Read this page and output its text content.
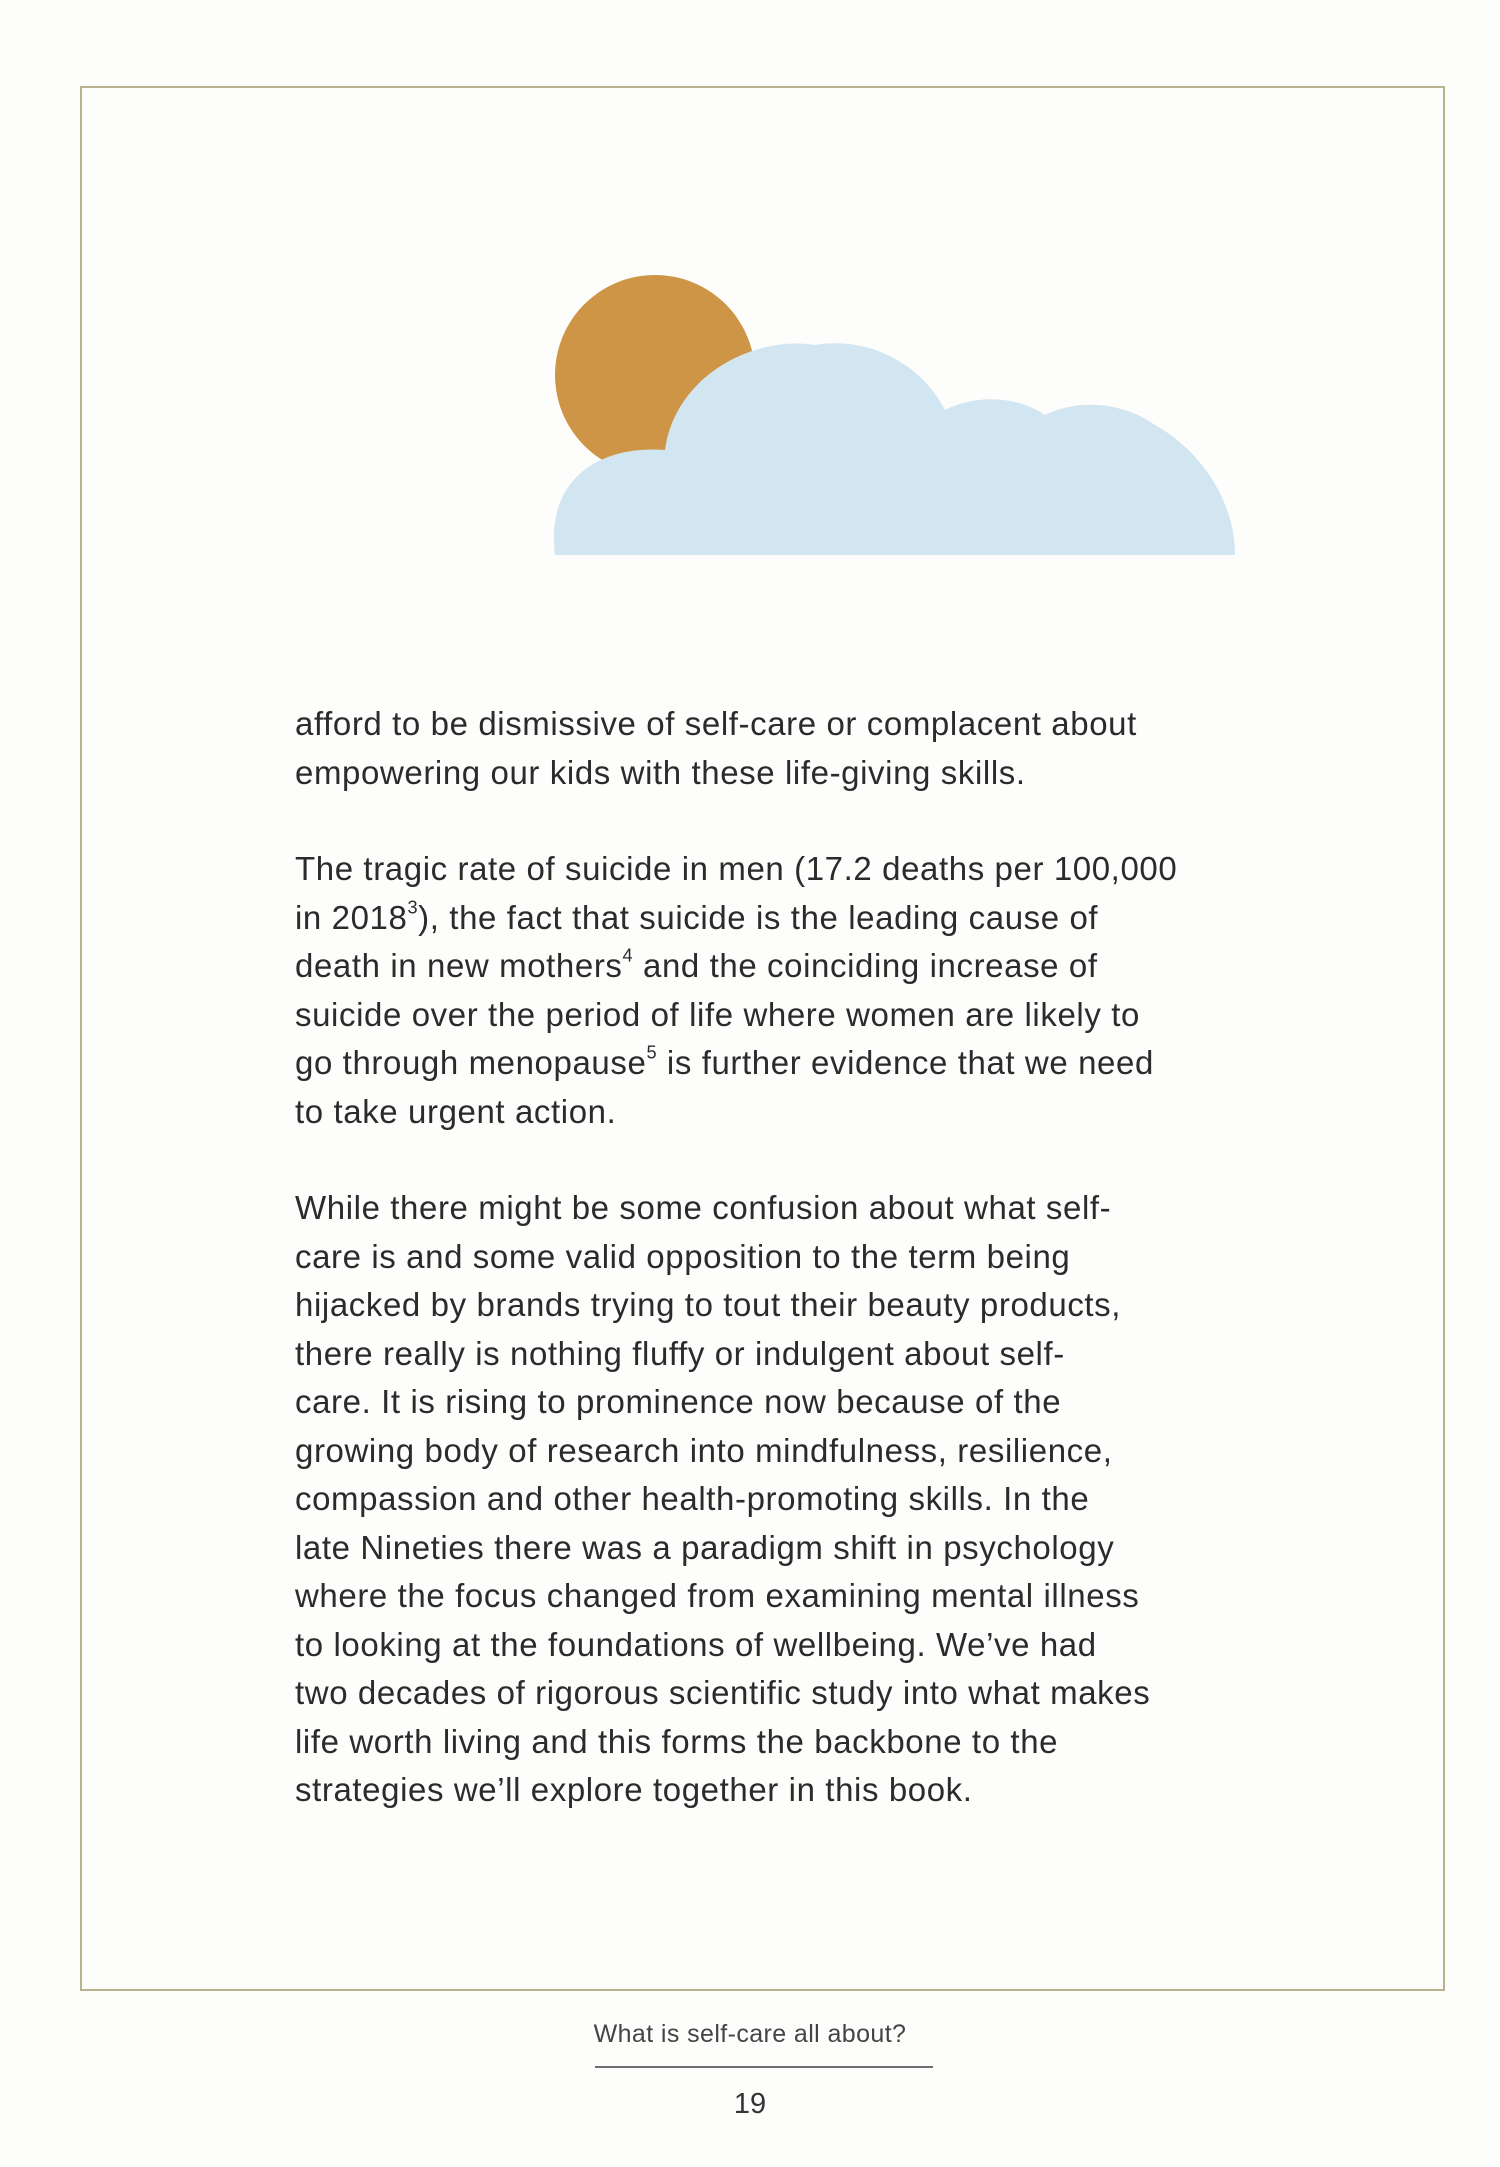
afford to be dismissive of self-care or complacent about
empowering our kids with these life-giving skills.

The tragic rate of suicide in men (17.2 deaths per 100,000
in 2018$^3$), the fact that suicide is the leading cause of
death in new mothers$^4$ and the coinciding increase of
suicide over the period of life where women are likely to
go through menopause$^5$ is further evidence that we need
to take urgent action.

While there might be some confusion about what self-
care is and some valid opposition to the term being
hijacked by brands trying to tout their beauty products,
there really is nothing fluffy or indulgent about self-
care. It is rising to prominence now because of the
growing body of research into mindfulness, resilience,
compassion and other health-promoting skills. In the
late Nineties there was a paradigm shift in psychology
where the focus changed from examining mental illness
to looking at the foundations of wellbeing. We’ve had
two decades of rigorous scientific study into what makes
life worth living and this forms the backbone to the
strategies we’ll explore together in this book.

What is self-care all about?
19
